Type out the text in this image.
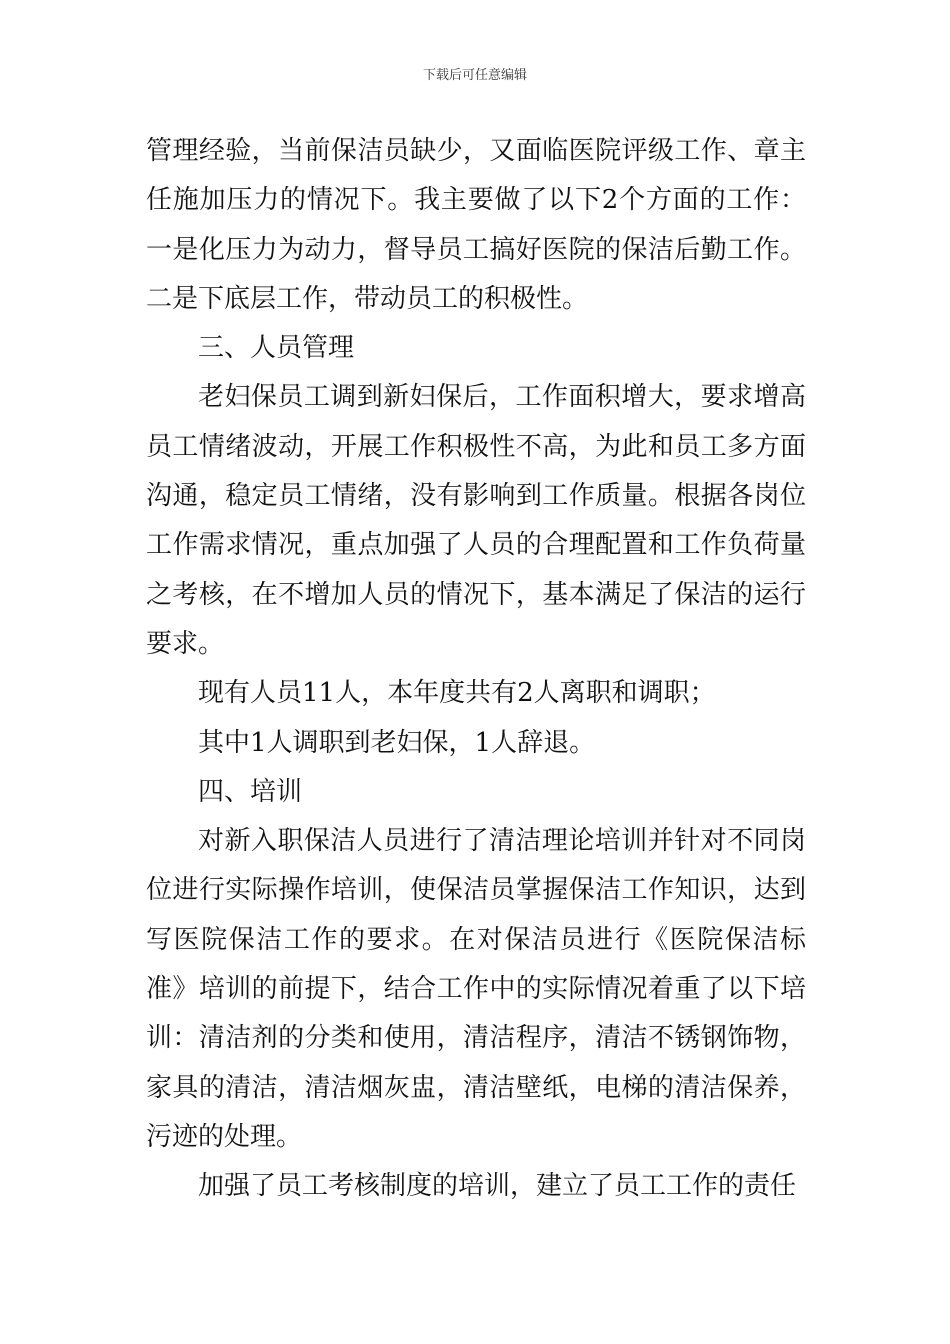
下载后可任意编辑

管理经验，当前保洁员缺少，又面临医院评级工作、章主任施加压力的情况下。我主要做了以下2个方面的工作：一是化压力为动力，督导员工搞好医院的保洁后勤工作。二是下底层工作，带动员工的积极性。

三、人员管理

老妇保员工调到新妇保后，工作面积增大，要求增高员工情绪波动，开展工作积极性不高，为此和员工多方面沟通，稳定员工情绪，没有影响到工作质量。根据各岗位工作需求情况，重点加强了人员的合理配置和工作负荷量之考核，在不增加人员的情况下，基本满足了保洁的运行要求。

现有人员11人，本年度共有2人离职和调职；

其中1人调职到老妇保，1人辞退。

四、培训

对新入职保洁人员进行了清洁理论培训并针对不同岗位进行实际操作培训，使保洁员掌握保洁工作知识，达到写医院保洁工作的要求。在对保洁员进行《医院保洁标准》培训的前提下，结合工作中的实际情况着重了以下培训：清洁剂的分类和使用，清洁程序，清洁不锈钢饰物，家具的清洁，清洁烟灰盅，清洁壁纸，电梯的清洁保养，污迹的处理。

加强了员工考核制度的培训，建立了员工工作的责任
